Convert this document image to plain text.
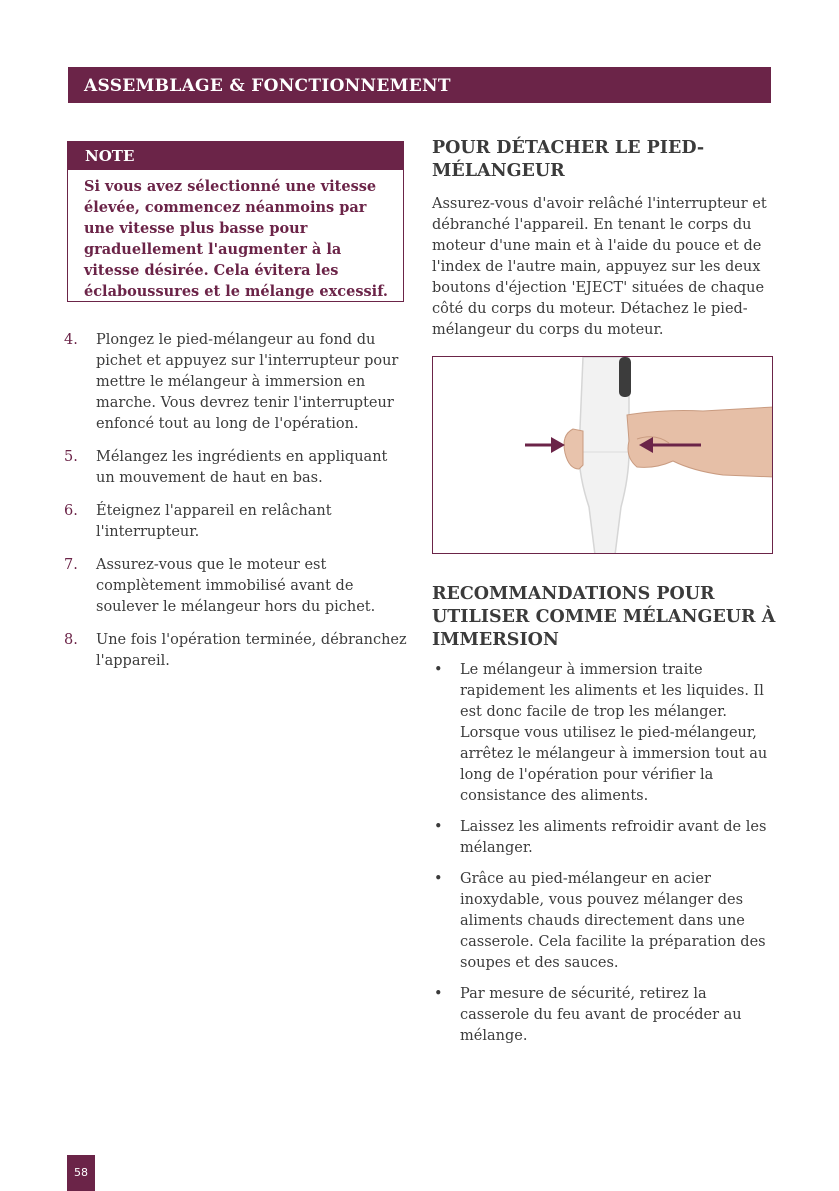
ASSEMBLAGE & FONCTIONNEMENT
NOTE
Si vous avez sélectionné une vitesse élevée, commencez néanmoins par une vitesse plus basse pour graduellement l'augmenter à la vitesse désirée. Cela évitera les éclaboussures et le mélange excessif.
4.	Plongez le pied-mélangeur au fond du pichet et appuyez sur l'interrupteur pour mettre le mélangeur à immersion en marche. Vous devrez tenir l'interrupteur enfoncé tout au long de l'opération.
5.	Mélangez les ingrédients en appliquant un mouvement de haut en bas.
6.	Éteignez l'appareil en relâchant l'interrupteur.
7.	Assurez-vous que le moteur est complètement immobilisé avant de soulever le mélangeur hors du pichet.
8.	Une fois l'opération terminée, débranchez l'appareil.
POUR DÉTACHER LE PIED-
MÉLANGEUR
Assurez-vous d'avoir relâché l'interrupteur et débranché l'appareil. En tenant le corps du moteur d'une main et à l'aide du pouce et de l'index de l'autre main, appuyez sur les deux boutons d'éjection 'EJECT' situées de chaque côté du corps du moteur. Détachez le pied-mélangeur du corps du moteur.
RECOMMANDATIONS POUR
UTILISER COMME MÉLANGEUR À
IMMERSION
•	Le mélangeur à immersion traite rapidement les aliments et les liquides. Il est donc facile de trop les mélanger. Lorsque vous utilisez le pied-mélangeur, arrêtez le mélangeur à immersion tout au long de l'opération pour vérifier la consistance des aliments.
•	Laissez les aliments refroidir avant de les mélanger.
•	Grâce au pied-mélangeur en acier inoxydable, vous pouvez mélanger des aliments chauds directement dans une casserole. Cela facilite la préparation des soupes et des sauces.
•	Par mesure de sécurité, retirez la casserole du feu avant de procéder au mélange.
58
